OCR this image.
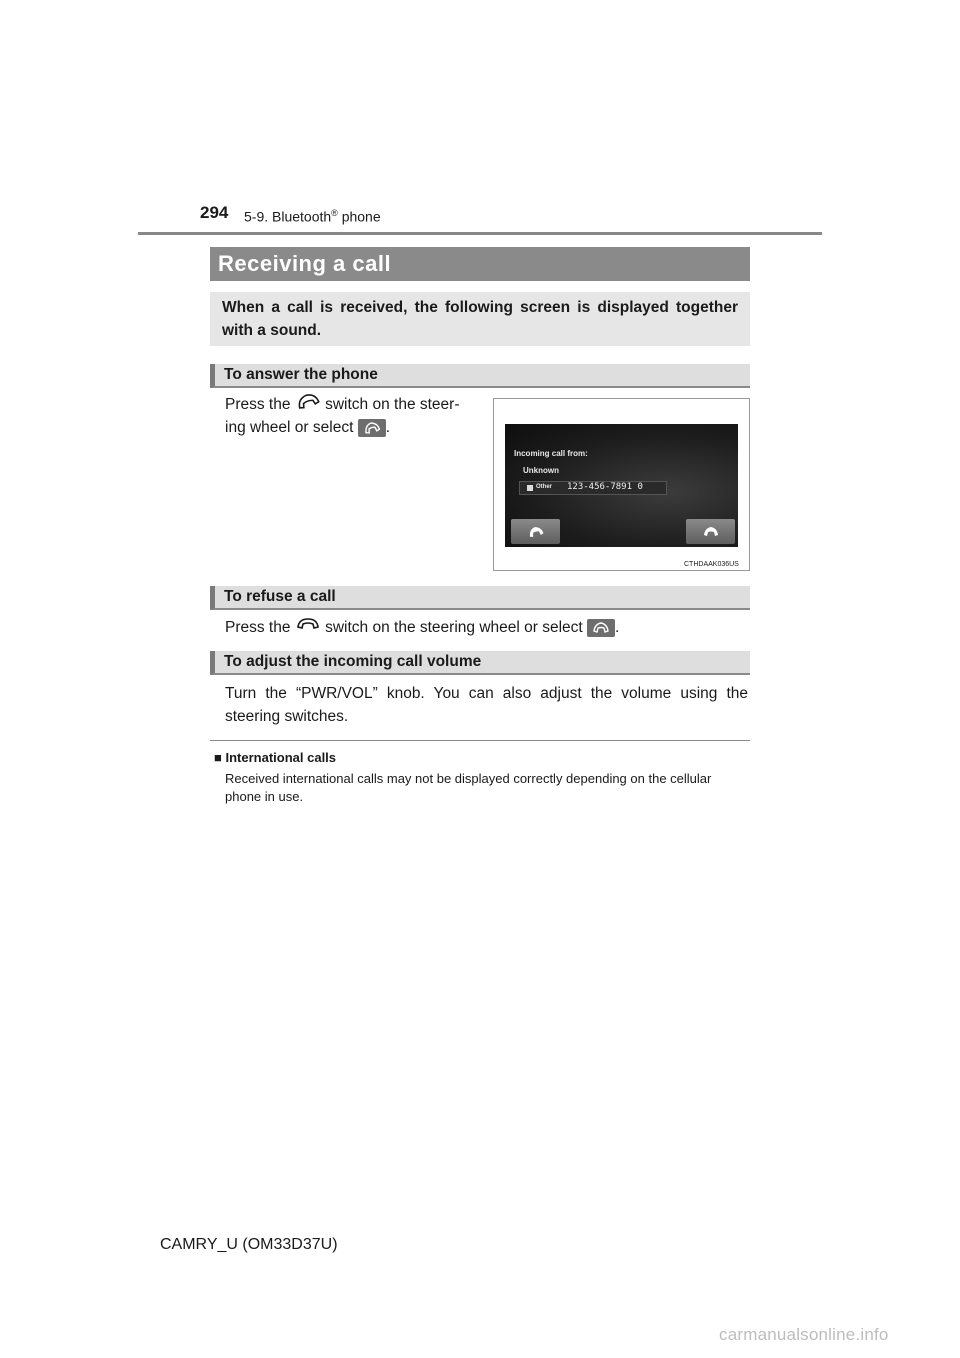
294 5-9. Bluetooth® phone
Receiving a call
When a call is received, the following screen is displayed together with a sound.
To answer the phone
Press the switch on the steer-
ing wheel or select .
Incoming call from:
Unknown
Other 123-456-7891 0
CTHDAAK036US
To refuse a call
Press the switch on the steering wheel or select .
To adjust the incoming call volume
Turn the “PWR/VOL” knob. You can also adjust the volume using the steering switches.
■ International calls
Received international calls may not be displayed correctly depending on the cellular phone in use.
CAMRY_U (OM33D37U)
carmanualsonline.info
